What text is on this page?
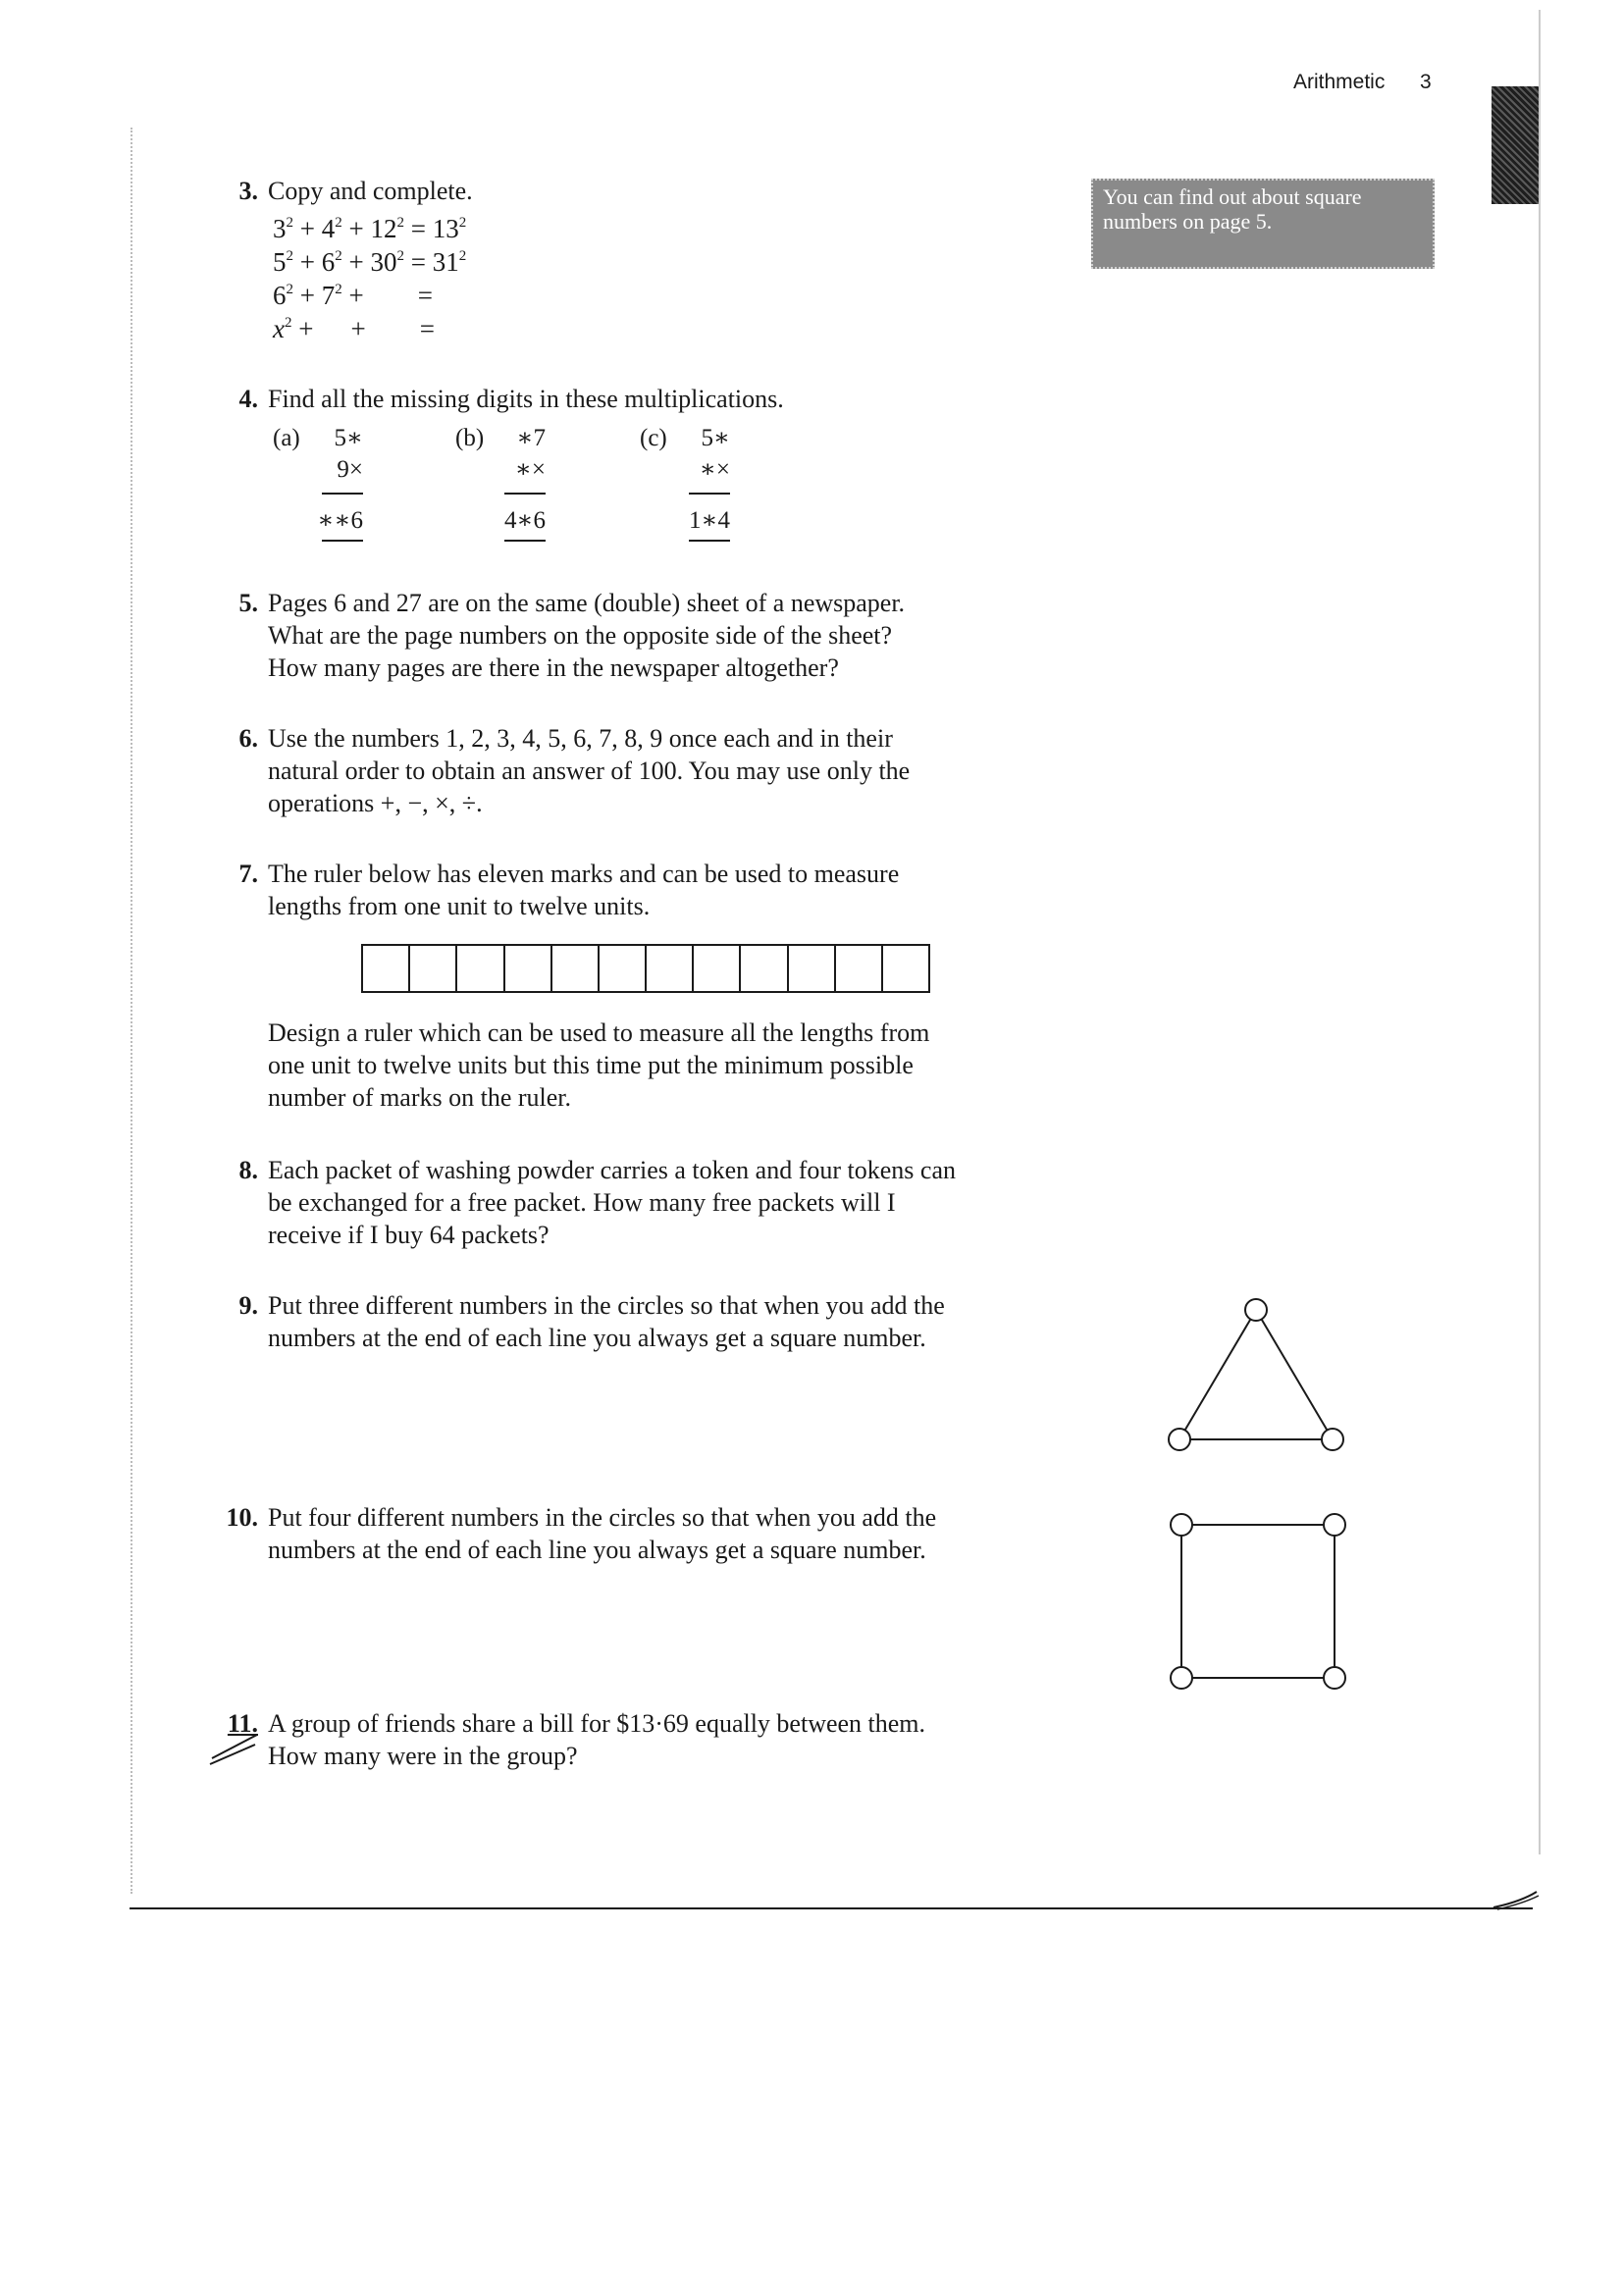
Arithmetic 3
You can find out about square numbers on page 5.
3. Copy and complete.
$3^2 + 4^2 + 12^2 = 13^2$
$5^2 + 6^2 + 30^2 = 31^2$
$6^2 + 7^2$ + =
$x^2$ + + =
4. Find all the missing digits in these multiplications.
(a)	5∗
9×
∗∗6
(b)	∗7
∗×
4∗6
(c)	5∗
∗×
1∗4
5. Pages 6 and 27 are on the same (double) sheet of a newspaper.
What are the page numbers on the opposite side of the sheet?
How many pages are there in the newspaper altogether?
6. Use the numbers 1, 2, 3, 4, 5, 6, 7, 8, 9 once each and in their
natural order to obtain an answer of 100. You may use only the
operations +, −, ×, ÷.
7. The ruler below has eleven marks and can be used to measure
lengths from one unit to twelve units.
Design a ruler which can be used to measure all the lengths from
one unit to twelve units but this time put the minimum possible
number of marks on the ruler.
8. Each packet of washing powder carries a token and four tokens can
be exchanged for a free packet. How many free packets will I
receive if I buy 64 packets?
9. Put three different numbers in the circles so that when you add the
numbers at the end of each line you always get a square number.
10. Put four different numbers in the circles so that when you add the
numbers at the end of each line you always get a square number.
11. A group of friends share a bill for $13·69 equally between them.
How many were in the group?
